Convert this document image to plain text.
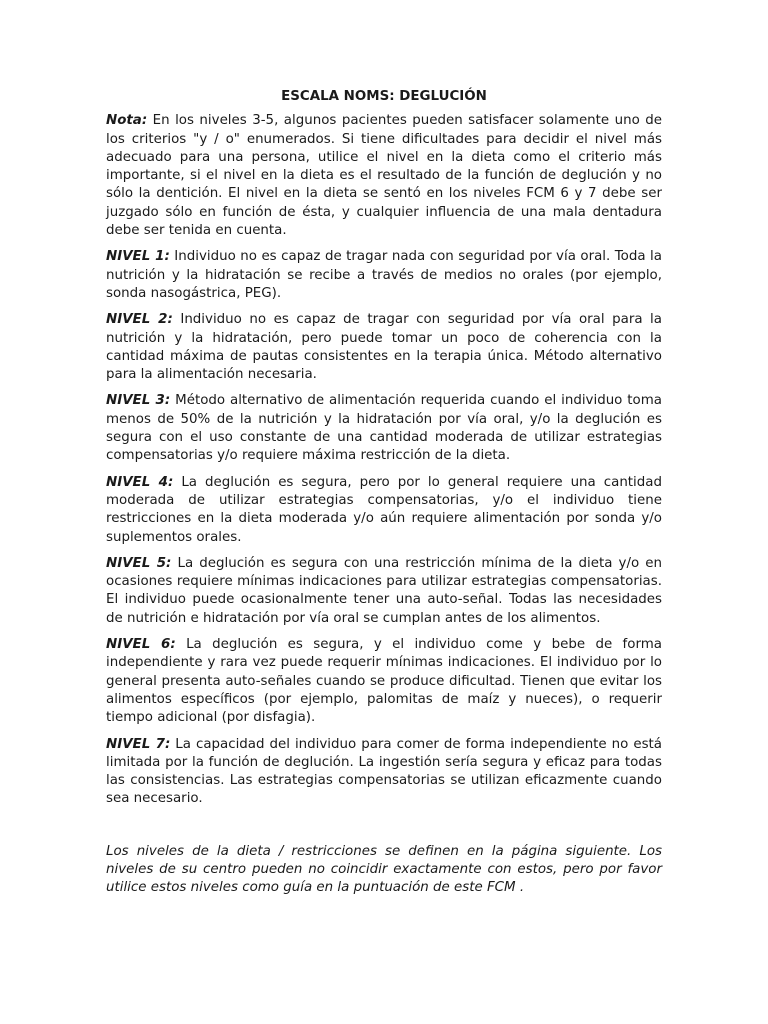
ESCALA NOMS: DEGLUCIÓN

Nota: En los niveles 3-5, algunos pacientes pueden satisfacer solamente uno de los criterios "y / o" enumerados. Si tiene dificultades para decidir el nivel más adecuado para una persona, utilice el nivel en la dieta como el criterio más importante, si el nivel en la dieta es el resultado de la función de deglución y no sólo la dentición. El nivel en la dieta se sentó en los niveles FCM 6 y 7 debe ser juzgado sólo en función de ésta, y cualquier influencia de una mala dentadura debe ser tenida en cuenta.

NIVEL 1: Individuo no es capaz de tragar nada con seguridad por vía oral. Toda la nutrición y la hidratación se recibe a través de medios no orales (por ejemplo, sonda nasogástrica, PEG).

NIVEL 2: Individuo no es capaz de tragar con seguridad por vía oral para la nutrición y la hidratación, pero puede tomar un poco de coherencia con la cantidad máxima de pautas consistentes en la terapia única. Método alternativo para la alimentación necesaria.

NIVEL 3: Método alternativo de alimentación requerida cuando el individuo toma menos de 50% de la nutrición y la hidratación por vía oral, y/o la deglución es segura con el uso constante de una cantidad moderada de utilizar estrategias compensatorias y/o requiere máxima restricción de la dieta.

NIVEL 4: La deglución es segura, pero por lo general requiere una cantidad moderada de utilizar estrategias compensatorias, y/o el individuo tiene restricciones en la dieta moderada y/o aún requiere alimentación por sonda y/o suplementos orales.

NIVEL 5: La deglución es segura con una restricción mínima de la dieta y/o en ocasiones requiere mínimas indicaciones para utilizar estrategias compensatorias. El individuo puede ocasionalmente tener una auto-señal. Todas las necesidades de nutrición e hidratación por vía oral se cumplan antes de los alimentos.

NIVEL 6: La deglución es segura, y el individuo come y bebe de forma independiente y rara vez puede requerir mínimas indicaciones. El individuo por lo general presenta auto-señales cuando se produce dificultad. Tienen que evitar los alimentos específicos (por ejemplo, palomitas de maíz y nueces), o requerir tiempo adicional (por disfagia).

NIVEL 7: La capacidad del individuo para comer de forma independiente no está limitada por la función de deglución. La ingestión sería segura y eficaz para todas las consistencias. Las estrategias compensatorias se utilizan eficazmente cuando sea necesario.

Los niveles de la dieta / restricciones se definen en la página siguiente. Los niveles de su centro pueden no coincidir exactamente con estos, pero por favor utilice estos niveles como guía en la puntuación de este FCM .
